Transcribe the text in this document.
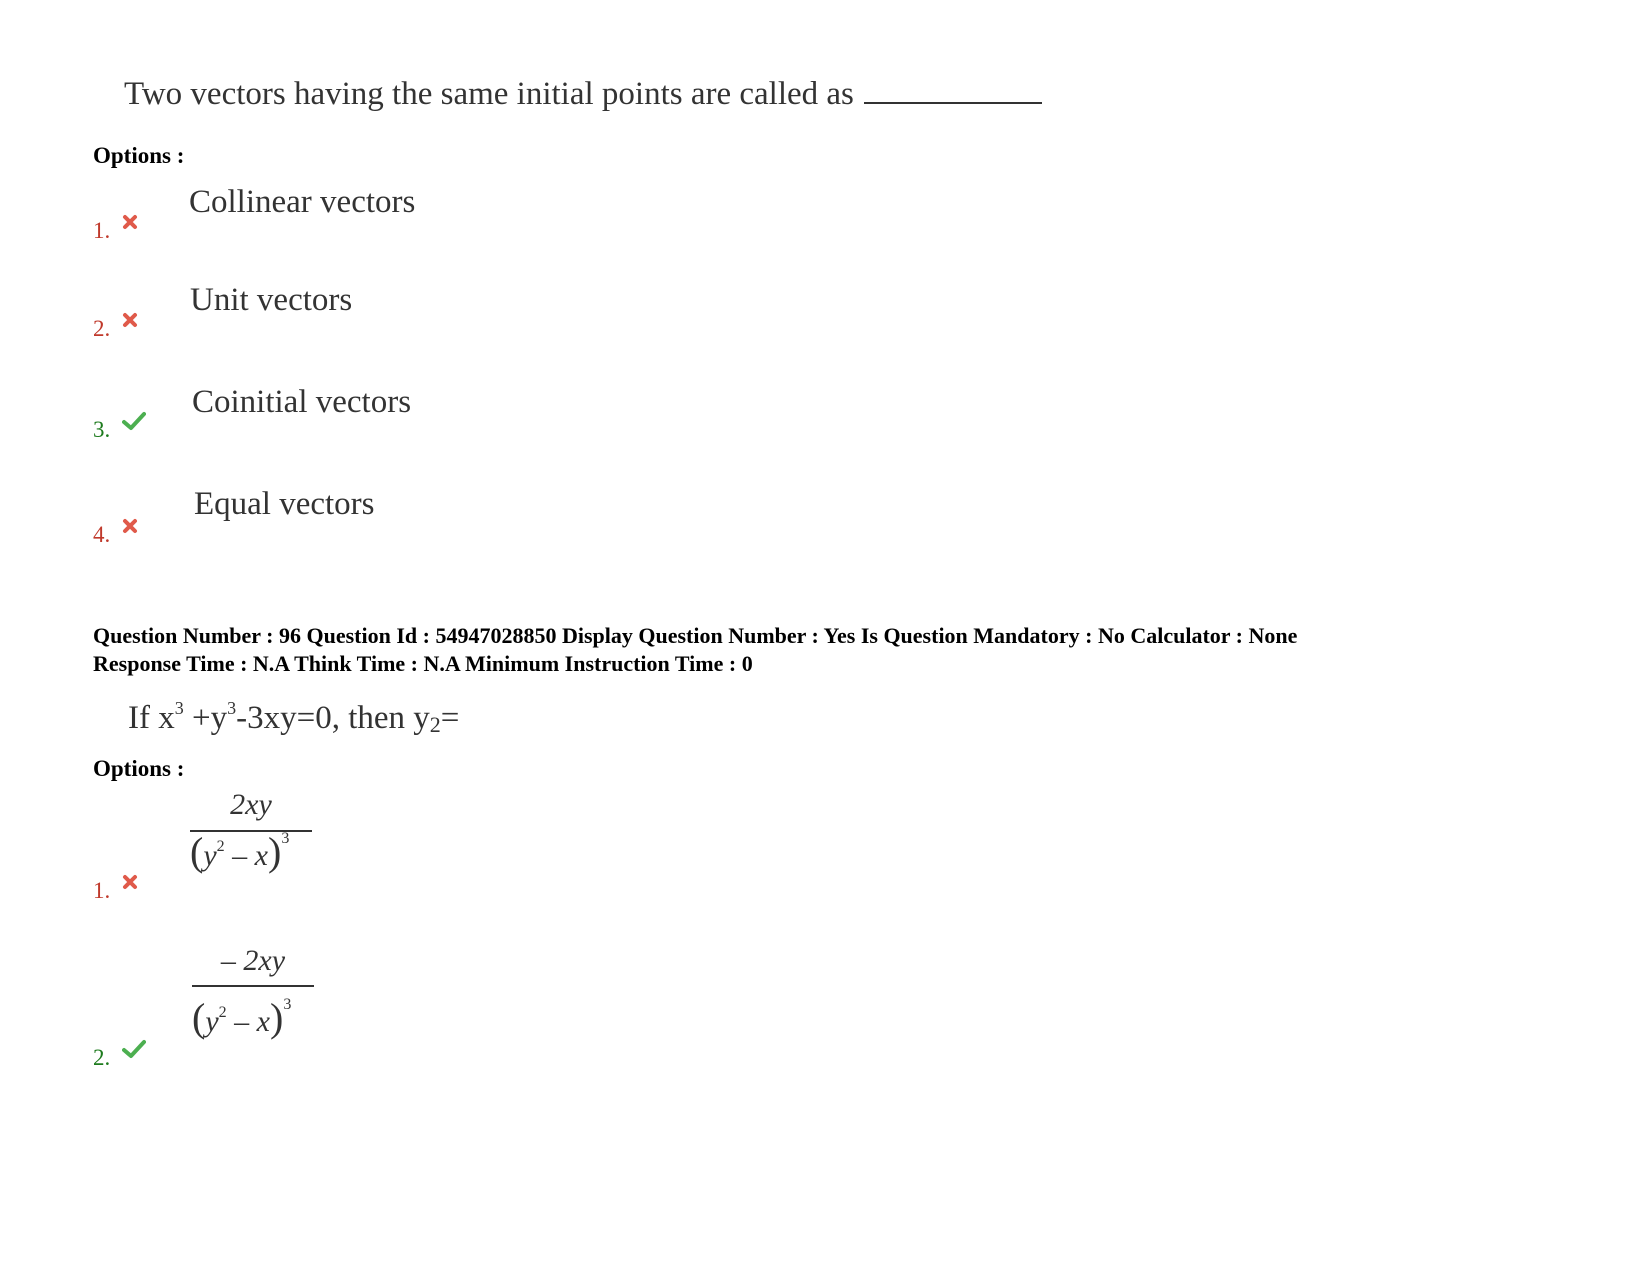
Two vectors having the same initial points are called as
Options :
Collinear vectors
1.
Unit vectors
2.
Coinitial vectors
3.
Equal vectors
4.
Question Number : 96 Question Id : 54947028850 Display Question Number : Yes Is Question Mandatory : No Calculator : None
Response Time : N.A Think Time : N.A Minimum Instruction Time : 0
If $x^3 +y^3-3xy=0$, then $y_2=$
Options :
2xy
$(y^2 - x)^3$
1.
– 2xy
$(y^2 - x)^3$
2.
